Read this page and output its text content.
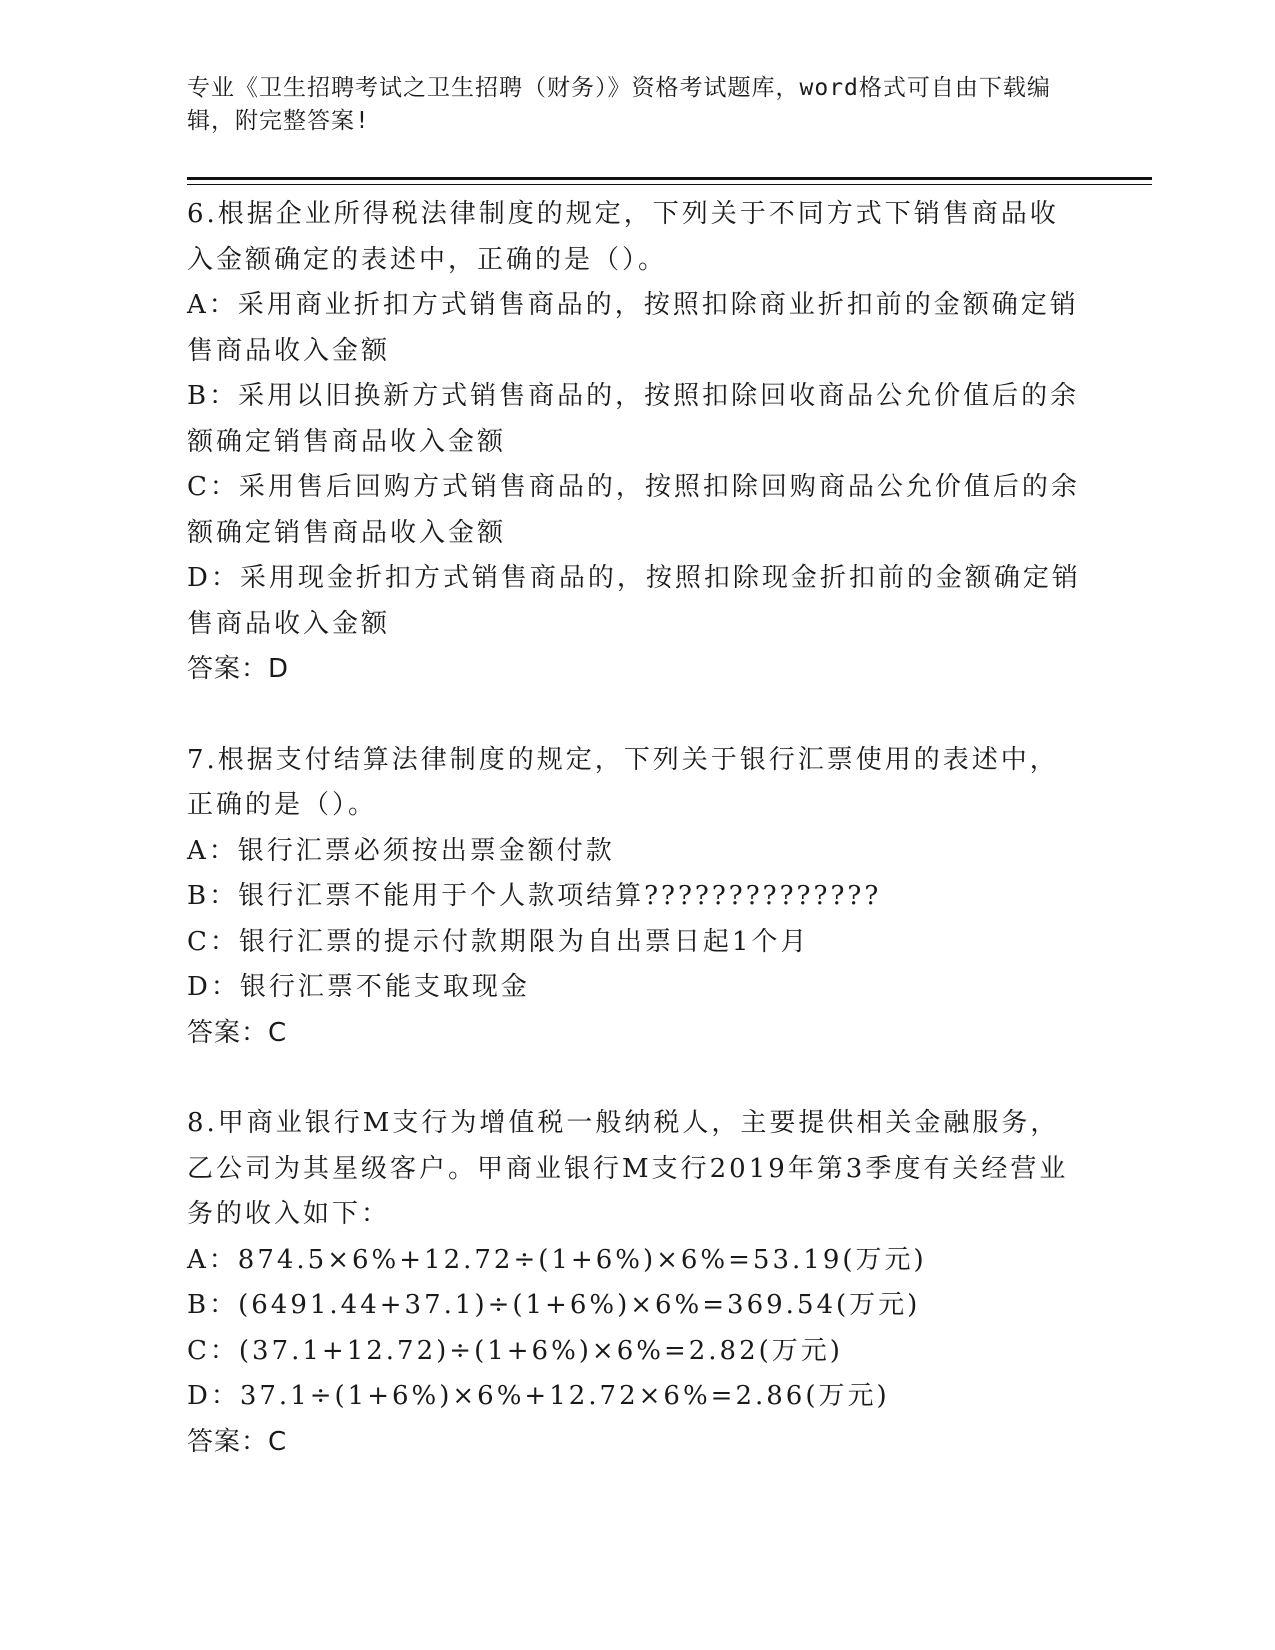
专业《卫生招聘考试之卫生招聘（财务）》资格考试题库，word格式可自由下载编辑，附完整答案!

6.根据企业所得税法律制度的规定，下列关于不同方式下销售商品收入金额确定的表述中，正确的是（）。

A：采用商业折扣方式销售商品的，按照扣除商业折扣前的金额确定销售商品收入金额

B：采用以旧换新方式销售商品的，按照扣除回收商品公允价值后的余额确定销售商品收入金额

C：采用售后回购方式销售商品的，按照扣除回购商品公允价值后的余额确定销售商品收入金额

D：采用现金折扣方式销售商品的，按照扣除现金折扣前的金额确定销售商品收入金额

答案：D

7.根据支付结算法律制度的规定，下列关于银行汇票使用的表述中，正确的是（）。

A：银行汇票必须按出票金额付款

B：银行汇票不能用于个人款项结算??????????????

C：银行汇票的提示付款期限为自出票日起1个月

D：银行汇票不能支取现金

答案：C

8.甲商业银行M支行为增值税一般纳税人，主要提供相关金融服务，乙公司为其星级客户。甲商业银行M支行2019年第3季度有关经营业务的收入如下：

A：874.5×6%+12.72÷(1+6%)×6%=53.19(万元)

B：(6491.44+37.1)÷(1+6%)×6%=369.54(万元)

C：(37.1+12.72)÷(1+6%)×6%=2.82(万元)

D：37.1÷(1+6%)×6%+12.72×6%=2.86(万元)

答案：C
